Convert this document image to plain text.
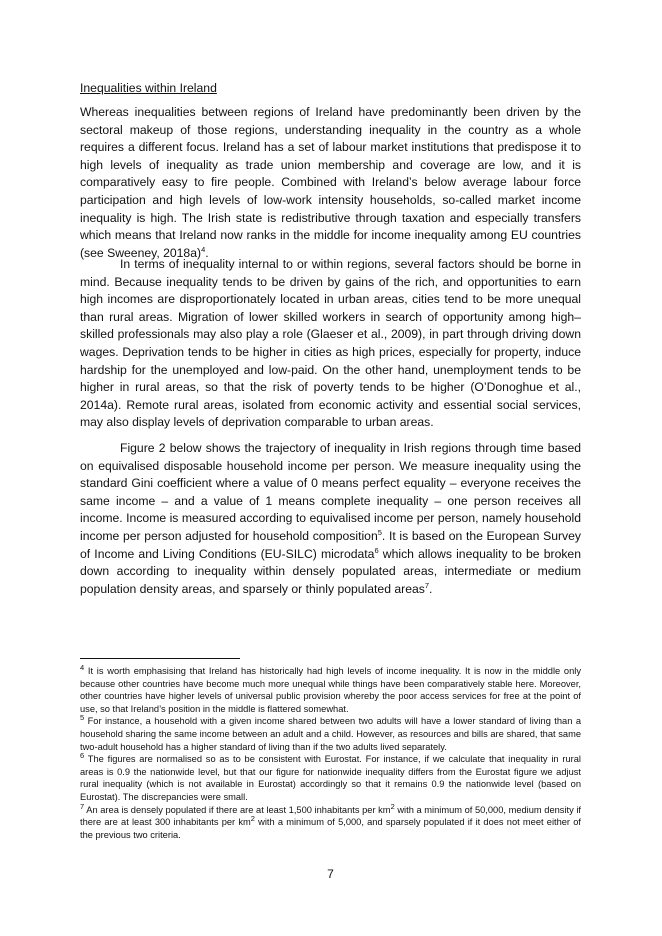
Inequalities within Ireland

Whereas inequalities between regions of Ireland have predominantly been driven by the sectoral makeup of those regions, understanding inequality in the country as a whole requires a different focus. Ireland has a set of labour market institutions that predispose it to high levels of inequality as trade union membership and coverage are low, and it is comparatively easy to fire people. Combined with Ireland’s below average labour force participation and high levels of low-work intensity households, so-called market income inequality is high. The Irish state is redistributive through taxation and especially transfers which means that Ireland now ranks in the middle for income inequality among EU countries (see Sweeney, 2018a)$^4$.

In terms of inequality internal to or within regions, several factors should be borne in mind. Because inequality tends to be driven by gains of the rich, and opportunities to earn high incomes are disproportionately located in urban areas, cities tend to be more unequal than rural areas. Migration of lower skilled workers in search of opportunity among high–skilled professionals may also play a role (Glaeser et al., 2009), in part through driving down wages. Deprivation tends to be higher in cities as high prices, especially for property, induce hardship for the unemployed and low-paid. On the other hand, unemployment tends to be higher in rural areas, so that the risk of poverty tends to be higher (O’Donoghue et al., 2014a). Remote rural areas, isolated from economic activity and essential social services, may also display levels of deprivation comparable to urban areas.

Figure 2 below shows the trajectory of inequality in Irish regions through time based on equivalised disposable household income per person. We measure inequality using the standard Gini coefficient where a value of 0 means perfect equality – everyone receives the same income – and a value of 1 means complete inequality – one person receives all income. Income is measured according to equivalised income per person, namely household income per person adjusted for household composition$^5$. It is based on the European Survey of Income and Living Conditions (EU-SILC) microdata$^6$ which allows inequality to be broken down according to inequality within densely populated areas, intermediate or medium population density areas, and sparsely or thinly populated areas$^7$.

$^4$ It is worth emphasising that Ireland has historically had high levels of income inequality. It is now in the middle only because other countries have become much more unequal while things have been comparatively stable here. Moreover, other countries have higher levels of universal public provision whereby the poor access services for free at the point of use, so that Ireland’s position in the middle is flattered somewhat.

$^5$ For instance, a household with a given income shared between two adults will have a lower standard of living than a household sharing the same income between an adult and a child. However, as resources and bills are shared, that same two-adult household has a higher standard of living than if the two adults lived separately.

$^6$ The figures are normalised so as to be consistent with Eurostat. For instance, if we calculate that inequality in rural areas is 0.9 the nationwide level, but that our figure for nationwide inequality differs from the Eurostat figure we adjust rural inequality (which is not available in Eurostat) accordingly so that it remains 0.9 the nationwide level (based on Eurostat). The discrepancies were small.

$^7$ An area is densely populated if there are at least 1,500 inhabitants per $km^2$ with a minimum of 50,000, medium density if there are at least 300 inhabitants per $km^2$ with a minimum of 5,000, and sparsely populated if it does not meet either of the previous two criteria.

7
